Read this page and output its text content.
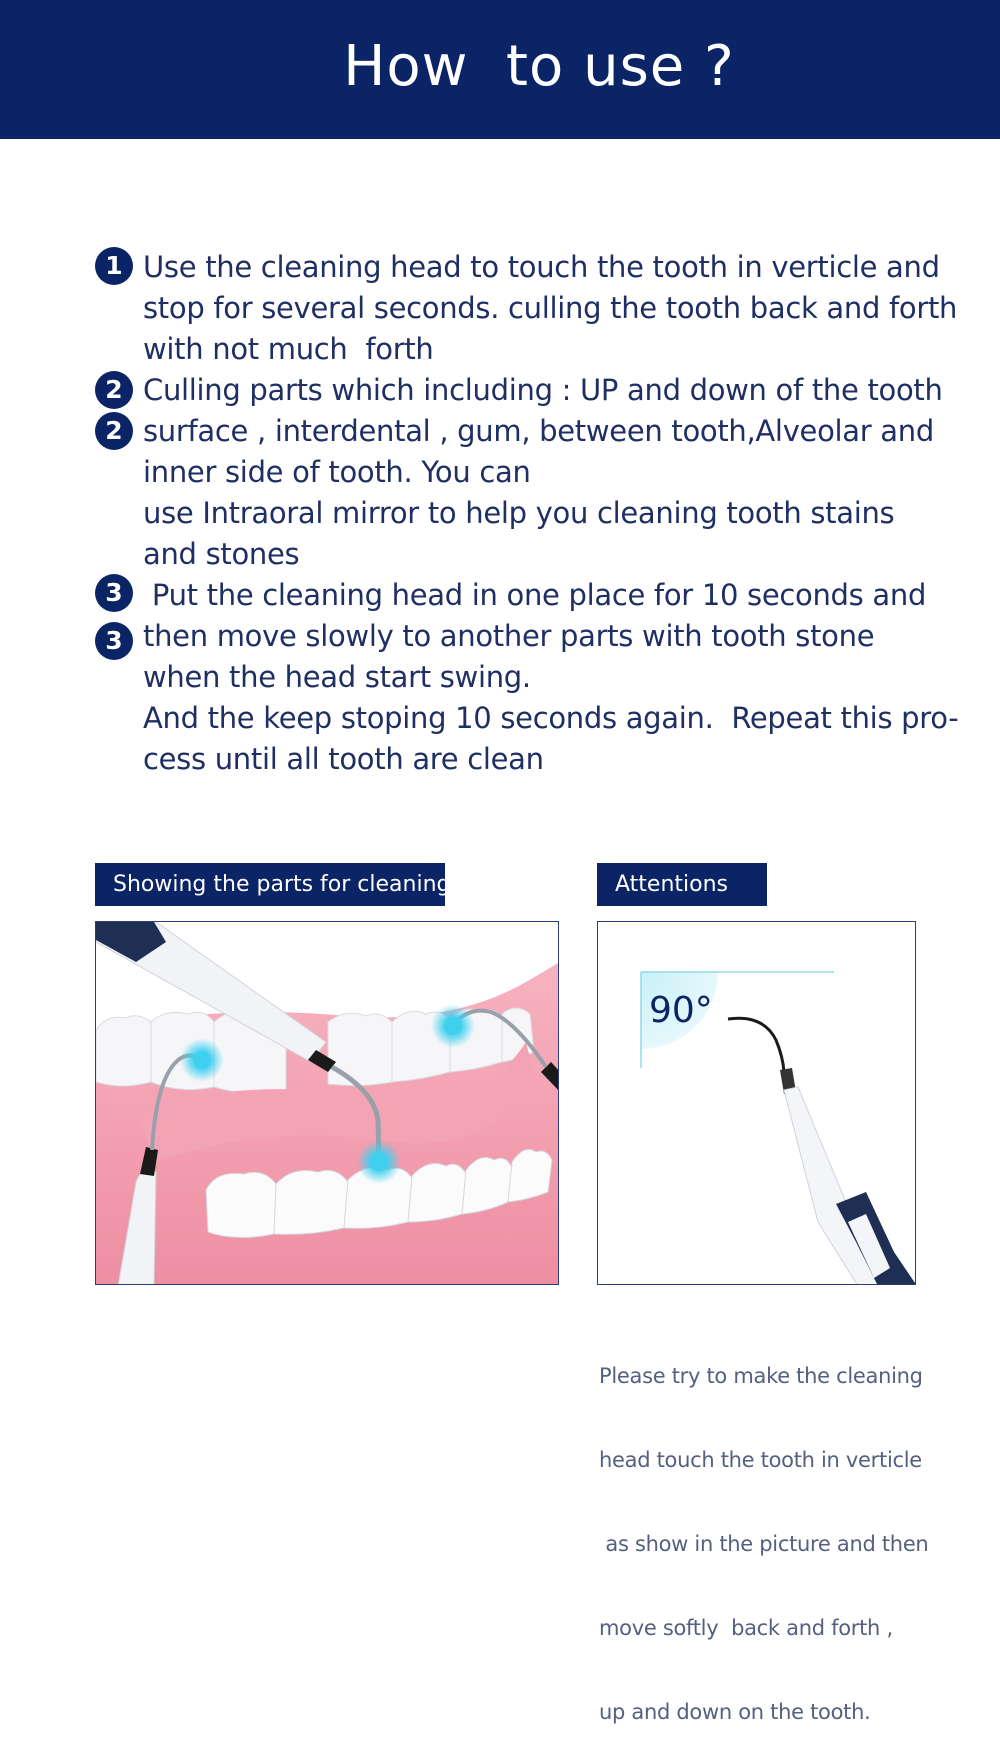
How  to use ?
1
2
2
3
3
Use the cleaning head to touch the tooth in verticle and
stop for several seconds. culling the tooth back and forth
with not much  forth
Culling parts which including : UP and down of the tooth
surface , interdental , gum, between tooth,Alveolar and
inner side of tooth. You can
use Intraoral mirror to help you cleaning tooth stains
and stones
Put the cleaning head in one place for 10 seconds and
then move slowly to another parts with tooth stone
when the head start swing.
And the keep stoping 10 seconds again.  Repeat this pro-
cess until all tooth are clean
Showing the parts for cleaning	Attentions
90°

Please try to make the cleaning

head touch the tooth in verticle

as show in the picture and then

move softly  back and forth ,

up and down on the tooth.
